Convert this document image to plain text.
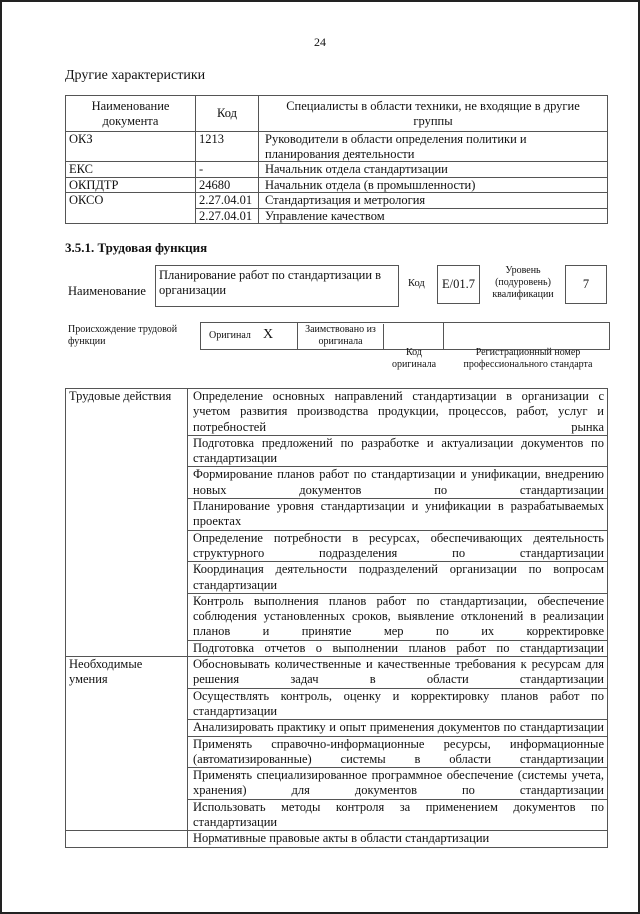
24
Другие характеристики
Наименование документа	Код	Специалисты в области техники, не входящие в другие группы
ОКЗ	1213	Руководители в области определения политики и планирования деятельности
ЕКС	-	Начальник отдела стандартизации
ОКПДТР	24680	Начальник отдела (в промышленности)
ОКСО	2.27.04.01	Стандартизация и метрология
	2.27.04.01	Управление качеством
3.5.1. Трудовая функция
Наименование
Планирование работ по стандартизации в организации	Код	E/01.7
Уровень (подуровень) квалификации
7
Происхождение трудовой функции
Оригинал X	Заимствовано из оригинала
Код оригинала
Регистрационный номер профессионального стандарта
Трудовые действия	Определение основных направлений стандартизации в организации с учетом развития производства продукции, процессов, работ, услуг и потребностей рынка
	Подготовка предложений по разработке и актуализации документов по стандартизации
	Формирование планов работ по стандартизации и унификации, внедрению новых документов по стандартизации
	Планирование уровня стандартизации и унификации в разрабатываемых проектах
	Определение потребности в ресурсах, обеспечивающих деятельность структурного подразделения по стандартизации
	Координация деятельности подразделений организации по вопросам стандартизации
	Контроль выполнения планов работ по стандартизации, обеспечение соблюдения установленных сроков, выявление отклонений в реализации планов и принятие мер по их корректировке
	Подготовка отчетов о выполнении планов работ по стандартизации
Необходимые умения	Обосновывать количественные и качественные требования к ресурсам для решения задач в области стандартизации
	Осуществлять контроль, оценку и корректировку планов работ по стандартизации
	Анализировать практику и опыт применения документов по стандартизации
	Применять справочно-информационные ресурсы, информационные (автоматизированные) системы в области стандартизации
	Применять специализированное программное обеспечение (системы учета, хранения) для документов по стандартизации
	Использовать методы контроля за применением документов по стандартизации
	Нормативные правовые акты в области стандартизации
